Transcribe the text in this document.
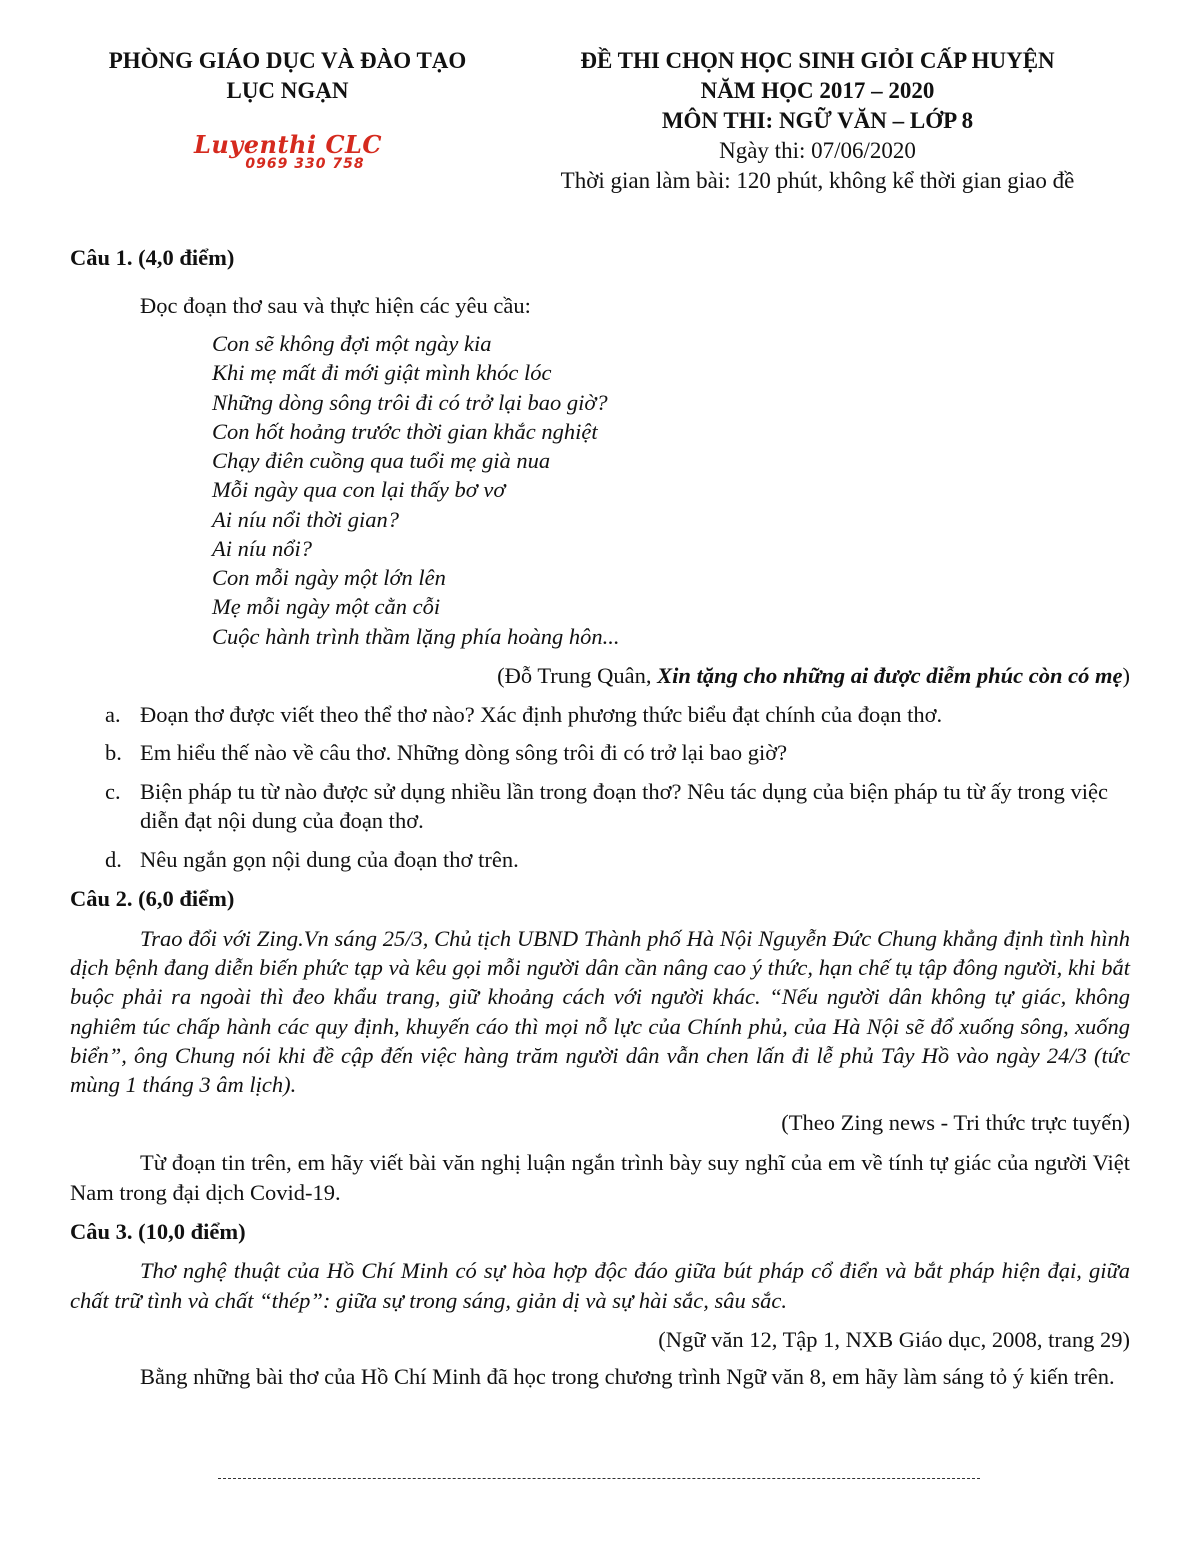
PHÒNG GIÁO DỤC VÀ ĐÀO TẠO
LỤC NGẠN
Luyenthi CLC
0969 330 758
ĐỀ THI CHỌN HỌC SINH GIỎI CẤP HUYỆN
NĂM HỌC 2017 – 2020
MÔN THI: NGỮ VĂN – LỚP 8
Ngày thi: 07/06/2020
Thời gian làm bài: 120 phút, không kể thời gian giao đề
Câu 1. (4,0 điểm)
Đọc đoạn thơ sau và thực hiện các yêu cầu:
Con sẽ không đợi một ngày kia
Khi mẹ mất đi mới giật mình khóc lóc
Những dòng sông trôi đi có trở lại bao giờ?
Con hốt hoảng trước thời gian khắc nghiệt
Chạy điên cuồng qua tuổi mẹ già nua
Mỗi ngày qua con lại thấy bơ vơ
Ai níu nổi thời gian?
Ai níu nổi?
Con mỗi ngày một lớn lên
Mẹ mỗi ngày một cằn cỗi
Cuộc hành trình thầm lặng phía hoàng hôn...
(Đỗ Trung Quân, Xin tặng cho những ai được diễm phúc còn có mẹ)
a. Đoạn thơ được viết theo thể thơ nào? Xác định phương thức biểu đạt chính của đoạn thơ.
b. Em hiểu thế nào về câu thơ. Những dòng sông trôi đi có trở lại bao giờ?
c. Biện pháp tu từ nào được sử dụng nhiều lần trong đoạn thơ? Nêu tác dụng của biện pháp tu từ ấy trong việc diễn đạt nội dung của đoạn thơ.
d. Nêu ngắn gọn nội dung của đoạn thơ trên.
Câu 2. (6,0 điểm)
Trao đổi với Zing.Vn sáng 25/3, Chủ tịch UBND Thành phố Hà Nội Nguyễn Đức Chung khẳng định tình hình dịch bệnh đang diễn biến phức tạp và kêu gọi mỗi người dân cần nâng cao ý thức, hạn chế tụ tập đông người, khi bắt buộc phải ra ngoài thì đeo khẩu trang, giữ khoảng cách với người khác. “Nếu người dân không tự giác, không nghiêm túc chấp hành các quy định, khuyến cáo thì mọi nỗ lực của Chính phủ, của Hà Nội sẽ đổ xuống sông, xuống biển”, ông Chung nói khi đề cập đến việc hàng trăm người dân vẫn chen lấn đi lễ phủ Tây Hồ vào ngày 24/3 (tức mùng 1 tháng 3 âm lịch).
(Theo Zing news - Tri thức trực tuyến)
Từ đoạn tin trên, em hãy viết bài văn nghị luận ngắn trình bày suy nghĩ của em về tính tự giác của người Việt Nam trong đại dịch Covid-19.
Câu 3. (10,0 điểm)
Thơ nghệ thuật của Hồ Chí Minh có sự hòa hợp độc đáo giữa bút pháp cổ điển và bắt pháp hiện đại, giữa chất trữ tình và chất “thép”: giữa sự trong sáng, giản dị và sự hài sắc, sâu sắc.
(Ngữ văn 12, Tập 1, NXB Giáo dục, 2008, trang 29)
Bằng những bài thơ của Hồ Chí Minh đã học trong chương trình Ngữ văn 8, em hãy làm sáng tỏ ý kiến trên.
